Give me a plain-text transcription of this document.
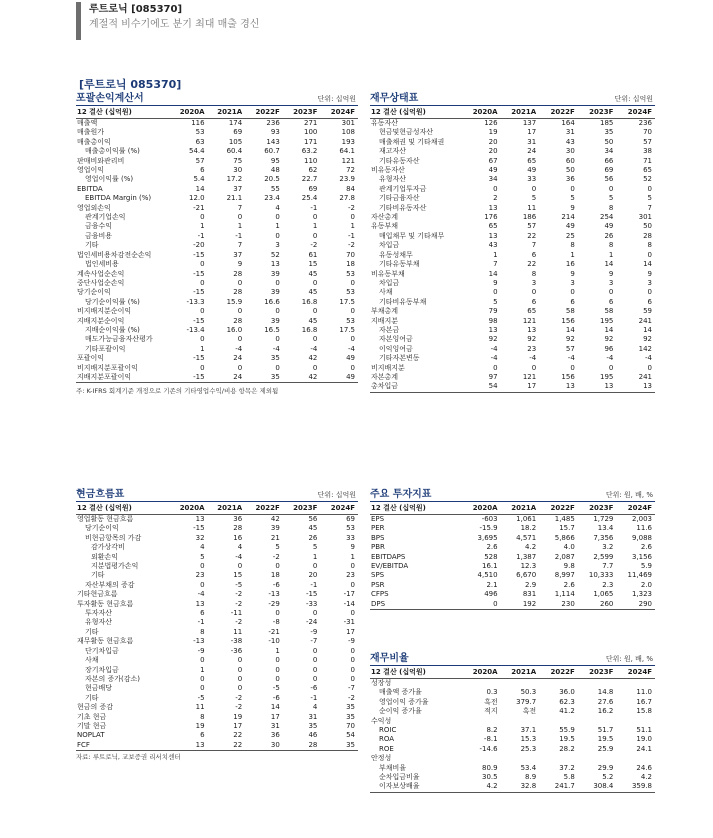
루트로닉 [085370]
계절적 비수기에도 분기 최대 매출 경신
[루트로닉 085370]
포괄손익계산서	단위: 십억원
12 결산 (십억원)	2020A	2021A	2022F	2023F	2024F
매출액	116	174	236	271	301
매출원가	53	69	93	100	108
매출총이익	63	105	143	171	193
매출총이익률 (%)	54.4	60.4	60.7	63.2	64.1
판매비와관리비	57	75	95	110	121
영업이익	6	30	48	62	72
영업이익률 (%)	5.4	17.2	20.5	22.7	23.9
EBITDA	14	37	55	69	84
EBITDA Margin (%)	12.0	21.1	23.4	25.4	27.8
영업외손익	-21	7	4	-1	-2
관계기업손익	0	0	0	0	0
금융수익	1	1	1	1	1
금융비용	-1	-1	0	0	-1
기타	-20	7	3	-2	-2
법인세비용차감전순손익	-15	37	52	61	70
법인세비용	0	9	13	15	18
계속사업순손익	-15	28	39	45	53
중단사업순손익	0	0	0	0	0
당기순이익	-15	28	39	45	53
당기순이익률 (%)	-13.3	15.9	16.6	16.8	17.5
비지배지분순이익	0	0	0	0	0
지배지분순이익	-15	28	39	45	53
지배순이익률 (%)	-13.4	16.0	16.5	16.8	17.5
매도가능금융자산평가	0	0	0	0	0
기타포괄이익	1	-4	-4	-4	-4
포괄이익	-15	24	35	42	49
비지배지분포괄이익	0	0	0	0	0
지배지분포괄이익	-15	24	35	42	49
주: K-IFRS 회계기준 개정으로 기존의 기타영업수익/비용 항목은 제외됨
재무상태표	단위: 십억원
12 결산 (십억원)	2020A	2021A	2022F	2023F	2024F
유동자산	126	137	164	185	236
현금및현금성자산	19	17	31	35	70
매출채권 및 기타채권	20	31	43	50	57
재고자산	20	24	30	34	38
기타유동자산	67	65	60	66	71
비유동자산	49	49	50	69	65
유형자산	34	33	36	56	52
관계기업투자금	0	0	0	0	0
기타금융자산	2	5	5	5	5
기타비유동자산	13	11	9	8	7
자산총계	176	186	214	254	301
유동부채	65	57	49	49	50
매입채무 및 기타채무	13	22	25	26	28
차입금	43	7	8	8	8
유동성채무	1	6	1	1	0
기타유동부채	7	22	16	14	14
비유동부채	14	8	9	9	9
차입금	9	3	3	3	3
사채	0	0	0	0	0
기타비유동부채	5	6	6	6	6
부채총계	79	65	58	58	59
지배지분	98	121	156	195	241
자본금	13	13	14	14	14
자본잉여금	92	92	92	92	92
이익잉여금	-4	23	57	96	142
기타자본변동	-4	-4	-4	-4	-4
비지배지분	0	0	0	0	0
자본총계	97	121	156	195	241
총차입금	54	17	13	13	13
현금흐름표	단위: 십억원
12 결산 (십억원)	2020A	2021A	2022F	2023F	2024F
영업활동 현금흐름	13	36	42	56	69
당기순이익	-15	28	39	45	53
비현금항목의 가감	32	16	21	26	33
감가상각비	4	4	5	5	9
외환손익	5	-4	-2	1	1
지분법평가손익	0	0	0	0	0
기타	23	15	18	20	23
자산부채의 증감	0	-5	-6	-1	0
기타현금흐름	-4	-2	-13	-15	-17
투자활동 현금흐름	13	-2	-29	-33	-14
투자자산	6	-11	0	0	0
유형자산	-1	-2	-8	-24	-31
기타	8	11	-21	-9	17
재무활동 현금흐름	-13	-38	-10	-7	-9
단기차입금	-9	-36	1	0	0
사채	0	0	0	0	0
장기차입금	1	0	0	0	0
자본의 증가(감소)	0	0	0	0	0
현금배당	0	0	-5	-6	-7
기타	-5	-2	-6	-1	-2
현금의 증감	11	-2	14	4	35
기초 현금	8	19	17	31	35
기말 현금	19	17	31	35	70
NOPLAT	6	22	36	46	54
FCF	13	22	30	28	35
자료: 루트로닉, 교보증권 리서치센터
주요 투자지표	단위: 원, 배, %
12 결산 (십억원)	2020A	2021A	2022F	2023F	2024F
EPS	-603	1,061	1,485	1,729	2,003
PER	-15.9	18.2	15.7	13.4	11.6
BPS	3,695	4,571	5,866	7,356	9,088
PBR	2.6	4.2	4.0	3.2	2.6
EBITDAPS	528	1,387	2,087	2,599	3,156
EV/EBITDA	16.1	12.3	9.8	7.7	5.9
SPS	4,510	6,670	8,997	10,333	11,469
PSR	2.1	2.9	2.6	2.3	2.0
CFPS	496	831	1,114	1,065	1,323
DPS	0	192	230	260	290
재무비율	단위: 원, 배, %
12 결산 (십억원)	2020A	2021A	2022F	2023F	2024F
성장성					
매출액 증가율	0.3	50.3	36.0	14.8	11.0
영업이익 증가율	흑전	379.7	62.3	27.6	16.7
순이익 증가율	적지	흑전	41.2	16.2	15.8
수익성					
ROIC	8.2	37.1	55.9	51.7	51.1
ROA	-8.1	15.3	19.5	19.5	19.0
ROE	-14.6	25.3	28.2	25.9	24.1
안정성					
부채비율	80.9	53.4	37.2	29.9	24.6
순차입금비율	30.5	8.9	5.8	5.2	4.2
이자보상배율	4.2	32.8	241.7	308.4	359.8
